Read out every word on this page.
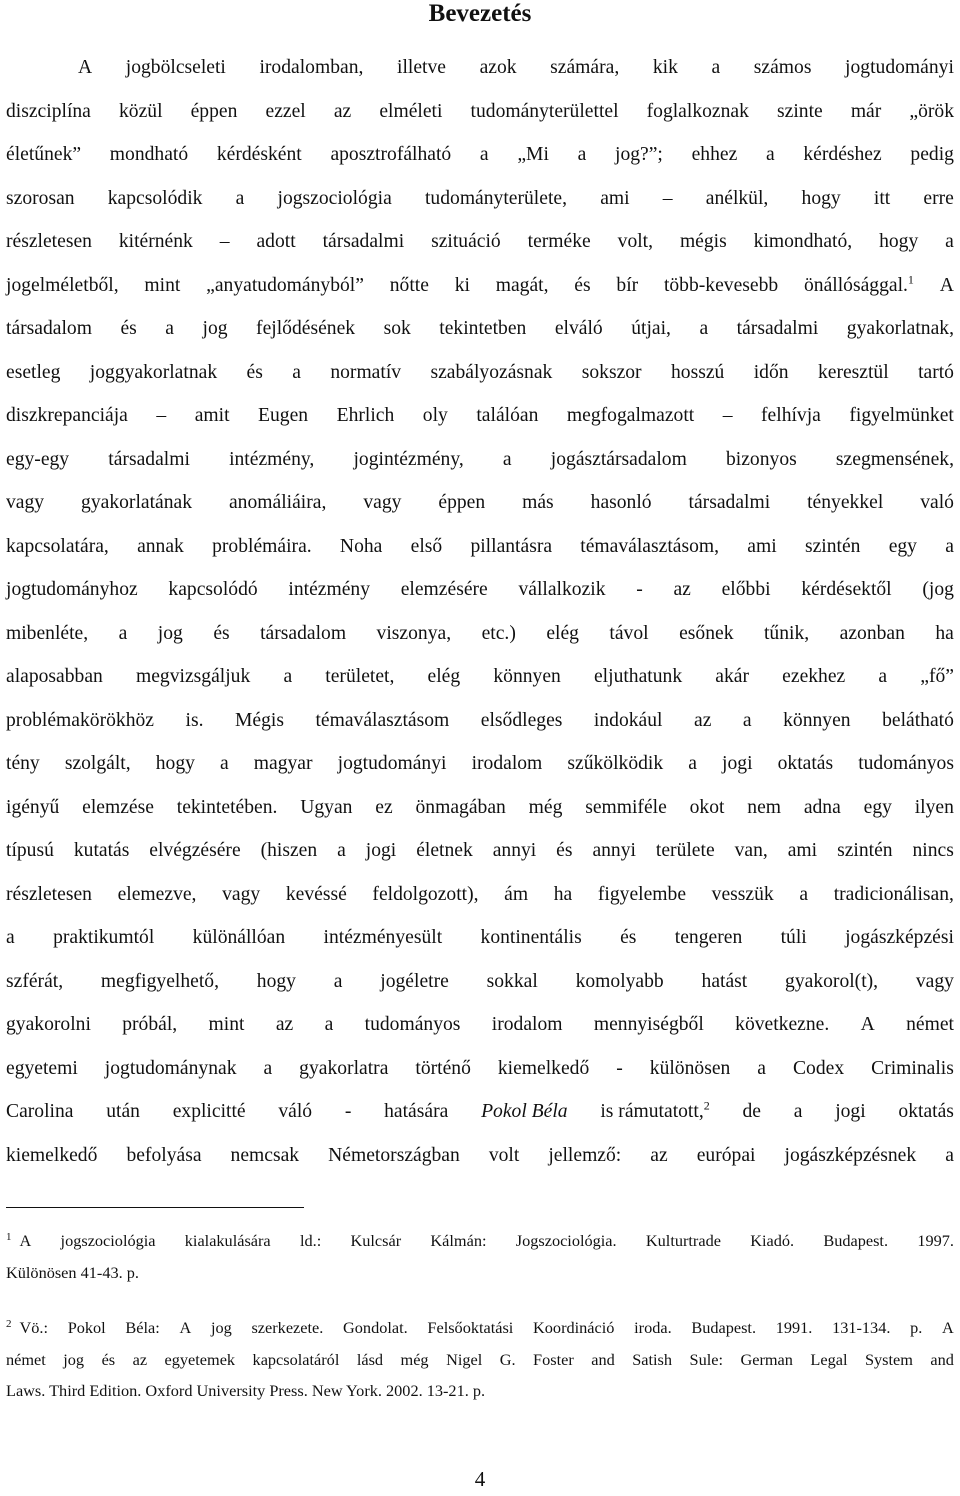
Bevezetés
A jogbölcseleti irodalomban, illetve azok számára, kik a számos jogtudományi
diszciplína közül éppen ezzel az elméleti tudományterülettel foglalkoznak szinte már „örök
életűnek” mondható kérdésként aposztrofálható a „Mi a jog?”; ehhez a kérdéshez pedig
szorosan kapcsolódik a jogszociológia tudományterülete, ami – anélkül, hogy itt erre
részletesen kitérnénk – adott társadalmi szituáció terméke volt, mégis kimondható, hogy a
jogelméletből, mint „anyatudományból” nőtte ki magát, és bír több-kevesebb önállósággal.$^1$ A
társadalom és a jog fejlődésének sok tekintetben elváló útjai, a társadalmi gyakorlatnak,
esetleg joggyakorlatnak és a normatív szabályozásnak sokszor hosszú időn keresztül tartó
diszkrepanciája – amit Eugen Ehrlich oly találóan megfogalmazott – felhívja figyelmünket
egy-egy társadalmi intézmény, jogintézmény, a jogásztársadalom bizonyos szegmensének,
vagy gyakorlatának anomáliáira, vagy éppen más hasonló társadalmi tényekkel való
kapcsolatára, annak problémáira. Noha első pillantásra témaválasztásom, ami szintén egy a
jogtudományhoz kapcsolódó intézmény elemzésére vállalkozik - az előbbi kérdésektől (jog
mibenléte, a jog és társadalom viszonya, etc.) elég távol esőnek tűnik, azonban ha
alaposabban megvizsgáljuk a területet, elég könnyen eljuthatunk akár ezekhez a „fő”
problémakörökhöz is. Mégis témaválasztásom elsődleges indokául az a könnyen belátható
tény szolgált, hogy a magyar jogtudományi irodalom szűkölködik a jogi oktatás tudományos
igényű elemzése tekintetében. Ugyan ez önmagában még semmiféle okot nem adna egy ilyen
típusú kutatás elvégzésére (hiszen a jogi életnek annyi és annyi területe van, ami szintén nincs
részletesen elemezve, vagy kevéssé feldolgozott), ám ha figyelembe vesszük a tradicionálisan,
a praktikumtól különállóan intézményesült kontinentális és tengeren túli jogászképzési
szférát, megfigyelhető, hogy a jogéletre sokkal komolyabb hatást gyakorol(t), vagy
gyakorolni próbál, mint az a tudományos irodalom mennyiségből következne. A német
egyetemi jogtudománynak a gyakorlatra történő kiemelkedő - különösen a Codex Criminalis
Carolina után explicitté váló - hatására Pokol Béla is rámutatott,$^2$ de a jogi oktatás
kiemelkedő befolyása nemcsak Németországban volt jellemző: az európai jogászképzésnek a
$^1$ A jogszociológia kialakulására ld.: Kulcsár Kálmán: Jogszociológia. Kulturtrade Kiadó. Budapest. 1997.
Különösen 41-43. p.
$^2$ Vö.: Pokol Béla: A jog szerkezete. Gondolat. Felsőoktatási Koordináció iroda. Budapest. 1991. 131-134. p. A
német jog és az egyetemek kapcsolatáról lásd még Nigel G. Foster and Satish Sule: German Legal System and
Laws. Third Edition. Oxford University Press. New York. 2002. 13-21. p.
4
